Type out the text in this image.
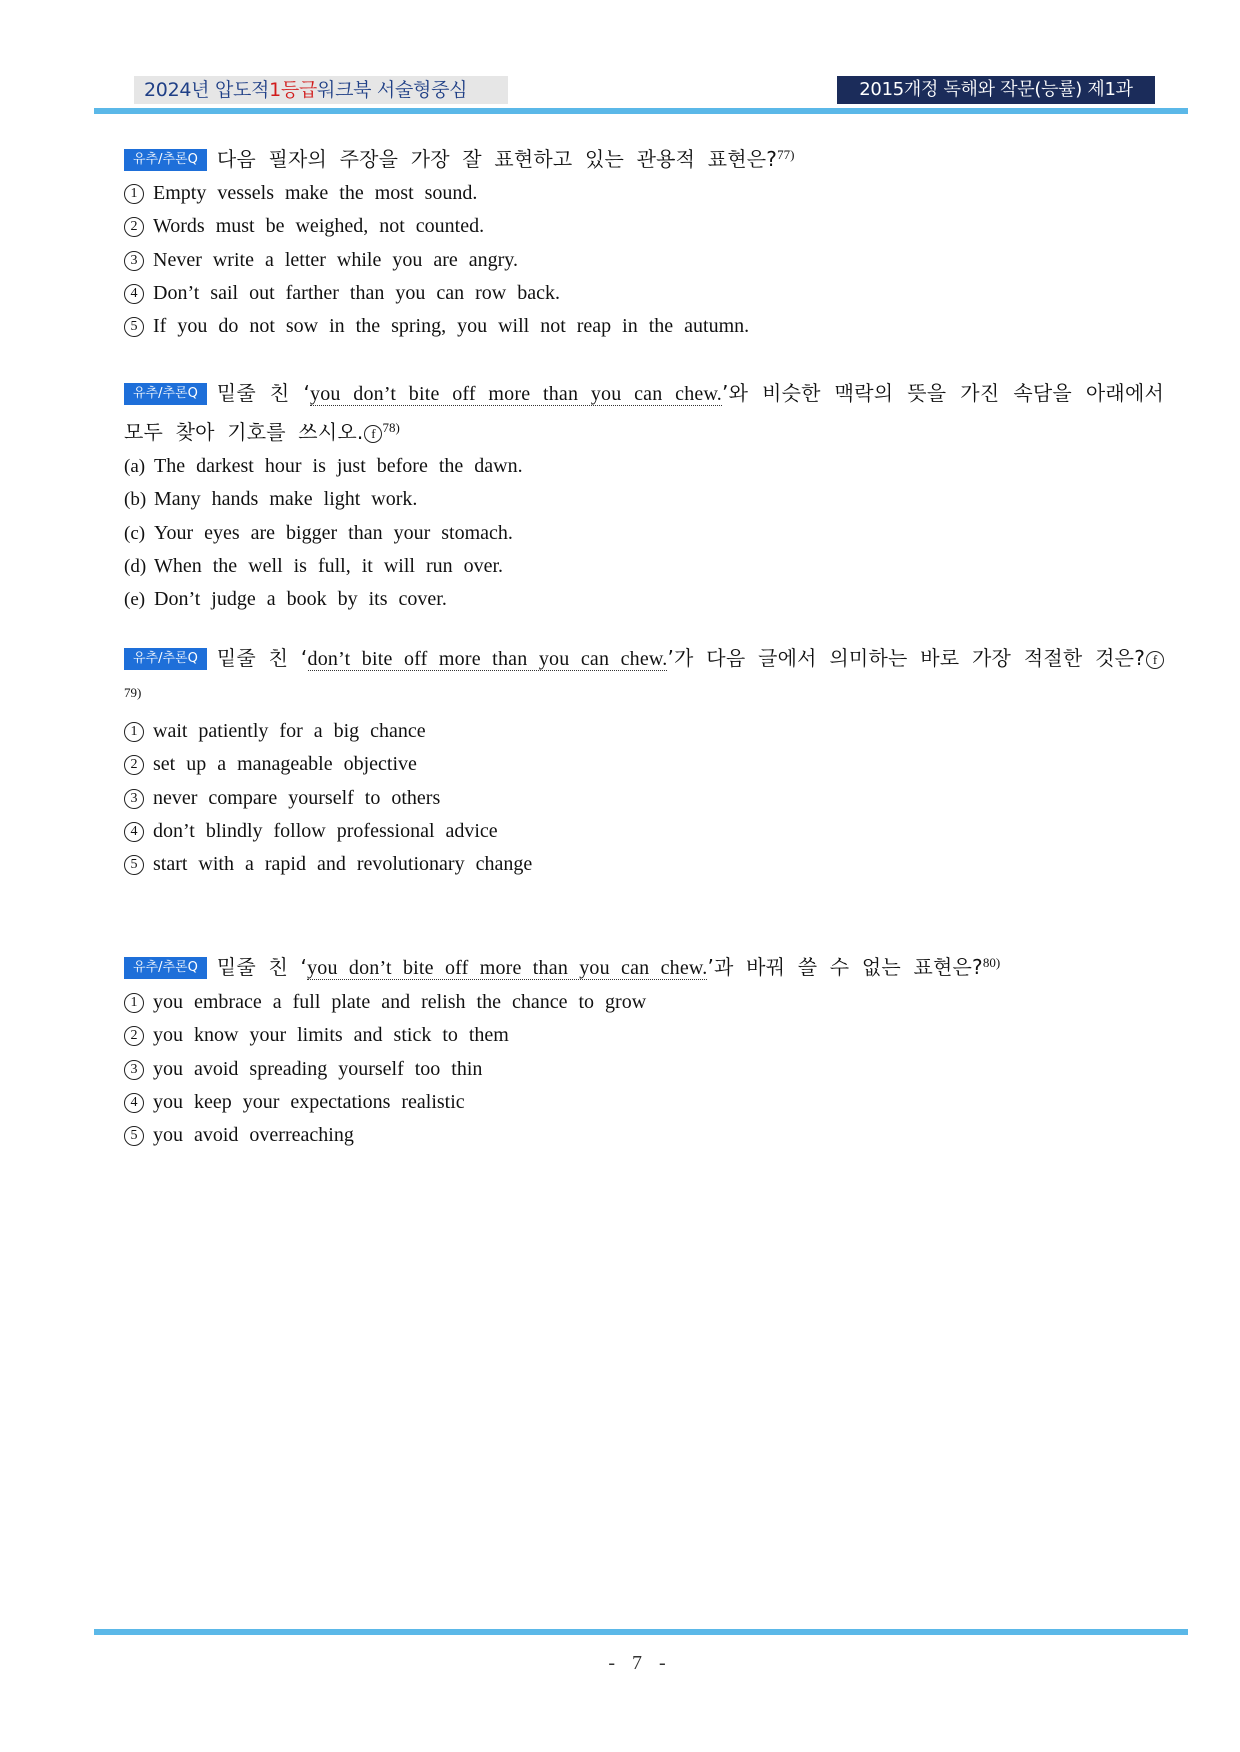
2024년 압도적1등급워크북 서술형중심	2015개정 독해와 작문(능률) 제1과
유추/추론Q 다음 필자의 주장을 가장 잘 표현하고 있는 관용적 표현은?$^{77)}$
1 Empty vessels make the most sound.
2 Words must be weighed, not counted.
3 Never write a letter while you are angry.
4 Don’t sail out farther than you can row back.
5 If you do not sow in the spring, you will not reap in the autumn.
유추/추론Q 밑줄 친 ‘you don’t bite off more than you can chew.’와 비슷한 맥락의 뜻을 가진 속담을 아래에서 모두 찾아 기호를 쓰시오. f $^{78)}$
(a) The darkest hour is just before the dawn.
(b) Many hands make light work.
(c) Your eyes are bigger than your stomach.
(d) When the well is full, it will run over.
(e) Don’t judge a book by its cover.
유추/추론Q 밑줄 친 ‘don’t bite off more than you can chew.’가 다음 글에서 의미하는 바로 가장 적절한 것은? $f^{79)}$
1 wait patiently for a big chance
2 set up a manageable objective
3 never compare yourself to others
4 don’t blindly follow professional advice
5 start with a rapid and revolutionary change
유추/추론Q 밑줄 친 ‘you don’t bite off more than you can chew.’과 바꿔 쓸 수 없는 표현은?$^{80)}$
1 you embrace a full plate and relish the chance to grow
2 you know your limits and stick to them
3 you avoid spreading yourself too thin
4 you keep your expectations realistic
5 you avoid overreaching
- 7 -
